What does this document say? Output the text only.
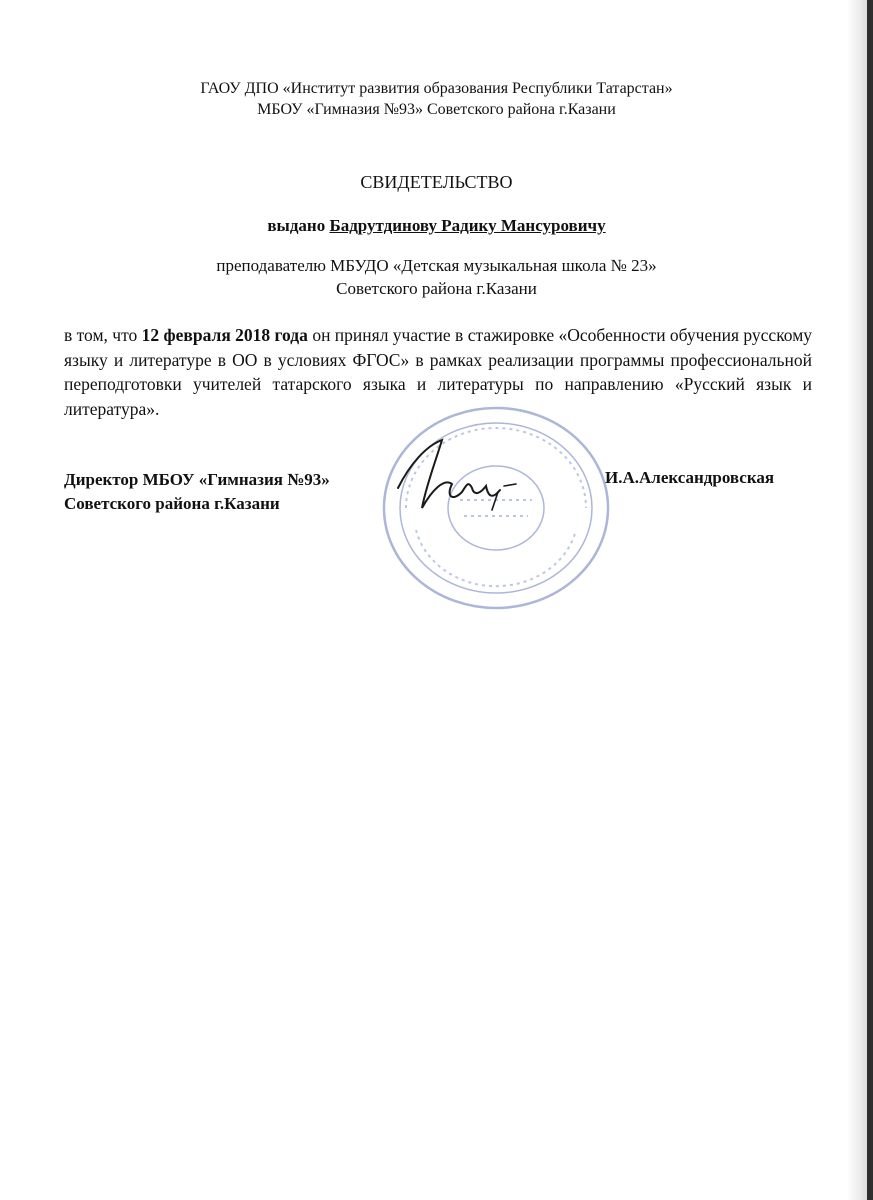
ГАОУ ДПО «Институт развития образования Республики Татарстан»
МБОУ «Гимназия №93» Советского района г.Казани
СВИДЕТЕЛЬСТВО
выдано Бадрутдинову Радику Мансуровичу
преподавателю МБУДО «Детская музыкальная школа № 23»
Советского района г.Казани
в том, что 12 февраля 2018 года он принял участие в стажировке «Особенности обучения русскому языку и литературе в ОО в условиях ФГОС» в рамках реализации программы профессиональной переподготовки учителей татарского языка и литературы по направлению «Русский язык и литература».
Директор МБОУ «Гимназия №93»
Советского района г.Казани
И.А.Александровская
